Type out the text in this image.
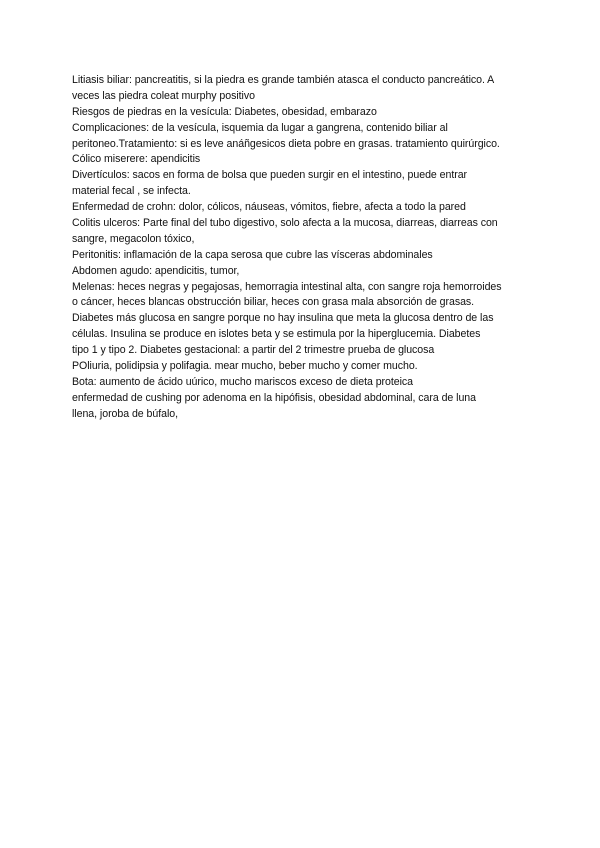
Litiasis biliar: pancreatitis, si la piedra es grande también atasca el conducto pancreático. A
veces las piedra coleat murphy positivo
Riesgos de piedras en la vesícula: Diabetes, obesidad, embarazo
Complicaciones: de la vesícula, isquemia da lugar a gangrena, contenido biliar al
peritoneo.Tratamiento: si es leve anáñgesicos dieta pobre en grasas. tratamiento quirúrgico.
Cólico miserere: apendicitis
Divertículos: sacos en forma de bolsa que pueden surgir en el intestino, puede entrar
material fecal , se infecta.
Enfermedad de crohn: dolor, cólicos, náuseas, vómitos, fiebre, afecta a todo la pared
Colitis ulceros: Parte final del tubo digestivo, solo afecta a la mucosa, diarreas, diarreas con
sangre, megacolon tóxico,
Peritonitis: inflamación de la capa serosa que cubre las vísceras abdominales
Abdomen agudo: apendicitis, tumor,
Melenas: heces negras y pegajosas, hemorragia intestinal alta, con sangre roja hemorroides
o cáncer, heces blancas obstrucción biliar, heces con grasa mala absorción de grasas.
Diabetes más glucosa en sangre porque no hay insulina que meta la glucosa dentro de las
células. Insulina se produce en islotes beta y se estimula por la hiperglucemia. Diabetes
tipo 1 y tipo 2. Diabetes gestacional: a partir del 2 trimestre prueba de glucosa
POliuria, polidipsia y polifagia. mear mucho, beber mucho y comer mucho.
Bota: aumento de ácido uúrico, mucho mariscos exceso de dieta proteica
enfermedad de cushing por adenoma en la hipófisis, obesidad abdominal, cara de luna
llena, joroba de búfalo,
